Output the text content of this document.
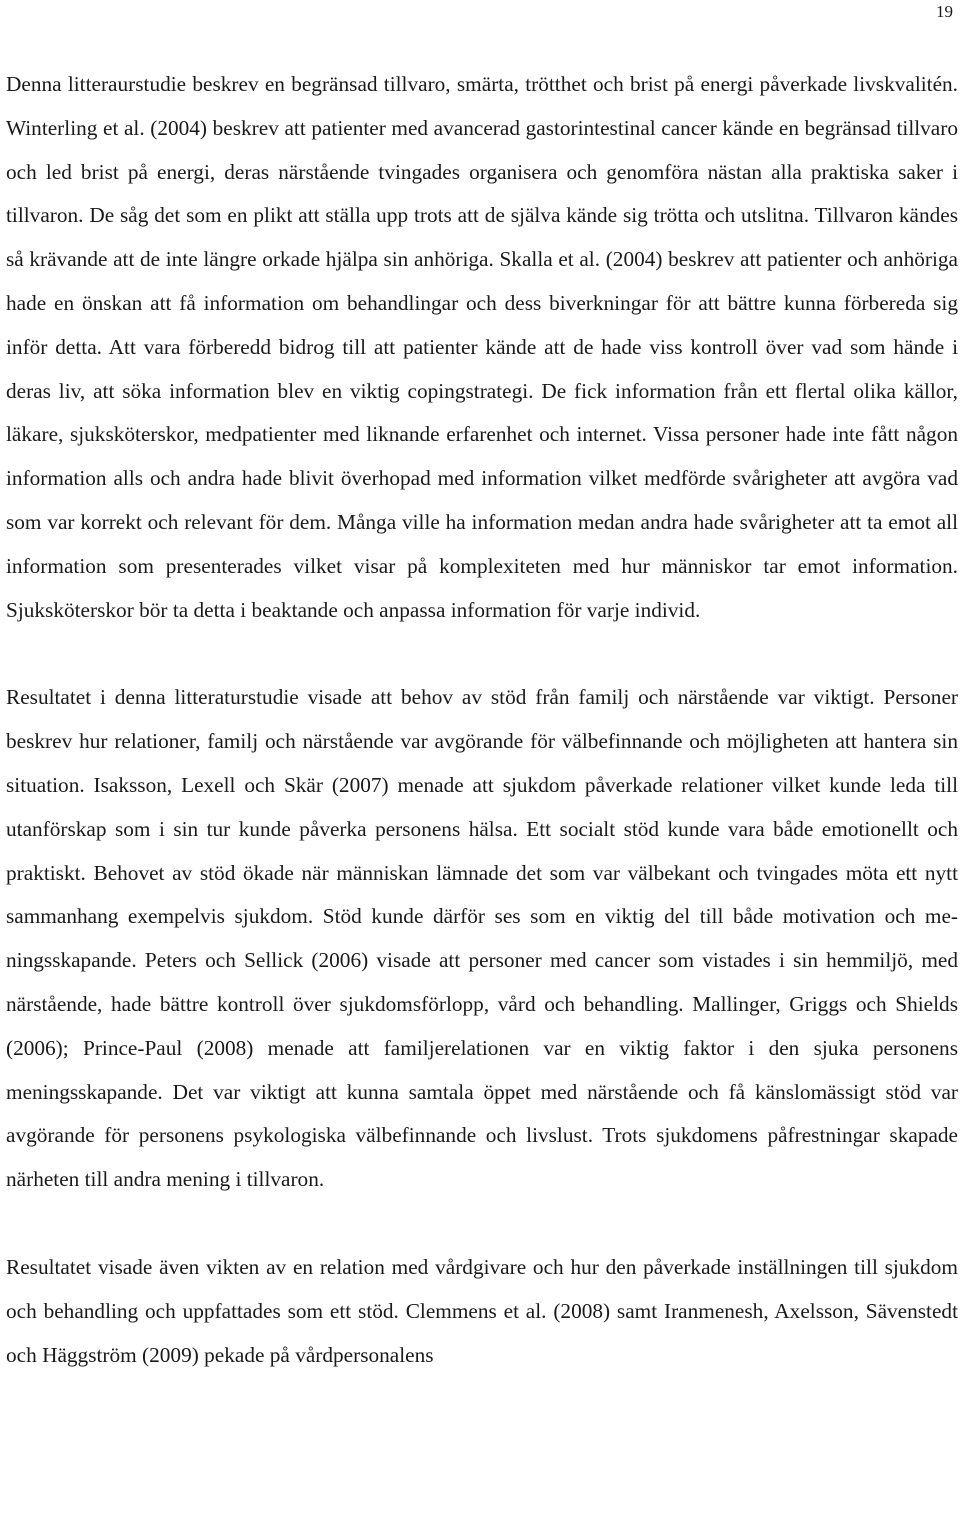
19

Denna litteraurstudie beskrev en begränsad tillvaro, smärta, trötthet och brist på energi påverkade livskvalitén. Winterling et al. (2004) beskrev att patienter med avancerad gastorintestinal cancer kände en begränsad tillvaro och led brist på energi, deras närstående tvingades organisera och genomföra nästan alla praktiska saker i tillvaron. De såg det som en plikt att ställa upp trots att de själva kände sig trötta och utslitna. Tillvaron kändes så krävande att de inte längre orkade hjälpa sin anhöriga. Skalla et al. (2004) beskrev att patienter och anhöriga hade en önskan att få information om behandlingar och dess biverkningar för att bättre kunna förbereda sig inför detta. Att vara förberedd bidrog till att patienter kände att de hade viss kontroll över vad som hände i deras liv, att söka information blev en viktig copingstrategi. De fick information från ett flertal olika källor, läkare, sjuksköterskor, medpatienter med liknande erfarenhet och internet. Vissa personer hade inte fått någon information alls och andra hade blivit överhopad med information vilket medförde svårigheter att avgöra vad som var korrekt och relevant för dem. Många ville ha information medan andra hade svårigheter att ta emot all information som presenterades vilket visar på komplexiteten med hur människor tar emot information. Sjuksköterskor bör ta detta i beaktande och anpassa information för varje individ.

Resultatet i denna litteraturstudie visade att behov av stöd från familj och närstående var viktigt. Personer beskrev hur relationer, familj och närstående var avgörande för välbefinnande och möjligheten att hantera sin situation. Isaksson, Lexell och Skär (2007) menade att sjukdom påverkade relationer vilket kunde leda till utanförskap som i sin tur kunde påverka personens hälsa. Ett socialt stöd kunde vara både emotionellt och praktiskt. Behovet av stöd ökade när människan lämnade det som var välbekant och tvingades möta ett nytt sammanhang exempelvis sjukdom. Stöd kunde därför ses som en viktig del till både motivation och meningsskapande. Peters och Sellick (2006) visade att personer med cancer som vistades i sin hemmiljö, med närstående, hade bättre kontroll över sjukdomsförlopp, vård och behandling. Mallinger, Griggs och Shields (2006); Prince-Paul (2008) menade att familjerelationen var en viktig faktor i den sjuka personens meningsskapande. Det var viktigt att kunna samtala öppet med närstående och få känslomässigt stöd var avgörande för personens psykologiska välbefinnande och livslust. Trots sjukdomens påfrestningar skapade närheten till andra mening i tillvaron.

Resultatet visade även vikten av en relation med vårdgivare och hur den påverkade inställningen till sjukdom och behandling och uppfattades som ett stöd. Clemmens et al. (2008) samt Iranmenesh, Axelsson, Sävenstedt och Häggström (2009) pekade på vårdpersonalens
